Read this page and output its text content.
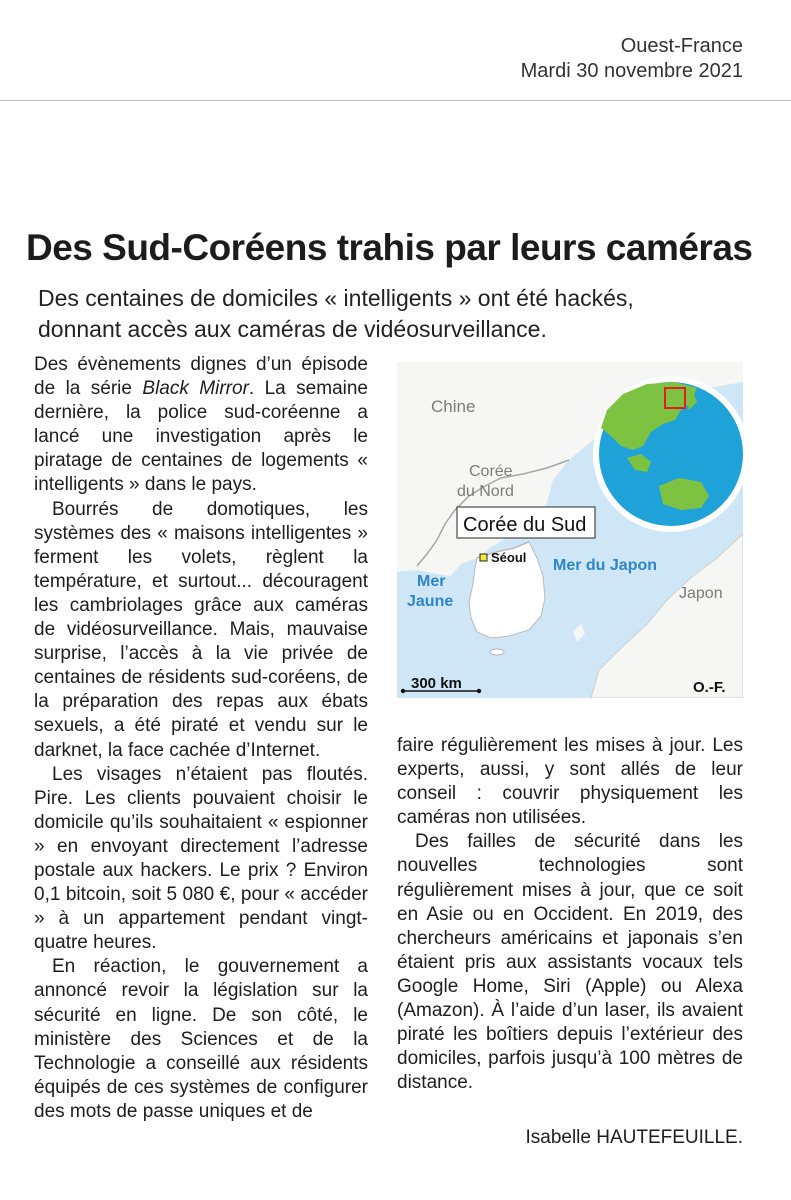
Ouest-France
Mardi 30 novembre 2021
Des Sud-Coréens trahis par leurs caméras
Des centaines de domiciles « intelligents » ont été hackés,
donnant accès aux caméras de vidéosurveillance.

Des évènements dignes d’un épisode de la série Black Mirror. La semaine dernière, la police sud-coréenne a lancé une investigation après le piratage de centaines de logements « intelligents » dans le pays.

Bourrés de domotiques, les systèmes des « maisons intelligentes » ferment les volets, règlent la température, et surtout... découragent les cambriolages grâce aux caméras de vidéosurveillance. Mais, mauvaise surprise, l’accès à la vie privée de centaines de résidents sud-coréens, de la préparation des repas aux ébats sexuels, a été piraté et vendu sur le darknet, la face cachée d’Internet.

Les visages n’étaient pas floutés. Pire. Les clients pouvaient choisir le domicile qu’ils souhaitaient « espionner » en envoyant directement l’adresse postale aux hackers. Le prix ? Environ 0,1 bitcoin, soit 5 080 €, pour « accéder » à un appartement pendant vingt-quatre heures.

En réaction, le gouvernement a annoncé revoir la législation sur la sécurité en ligne. De son côté, le ministère des Sciences et de la Technologie a conseillé aux résidents équipés de ces systèmes de configurer des mots de passe uniques et de

Chine
Corée
du Nord
Corée du Sud
Séoul
Mer
Jaune
Mer du Japon
Japon
300 km	O.-F.

faire régulièrement les mises à jour. Les experts, aussi, y sont allés de leur conseil : couvrir physiquement les caméras non utilisées.

Des failles de sécurité dans les nouvelles technologies sont régulièrement mises à jour, que ce soit en Asie ou en Occident. En 2019, des chercheurs américains et japonais s’en étaient pris aux assistants vocaux tels Google Home, Siri (Apple) ou Alexa (Amazon). À l’aide d’un laser, ils avaient piraté les boîtiers depuis l’extérieur des domiciles, parfois jusqu’à 100 mètres de distance.

Isabelle HAUTEFEUILLE.
